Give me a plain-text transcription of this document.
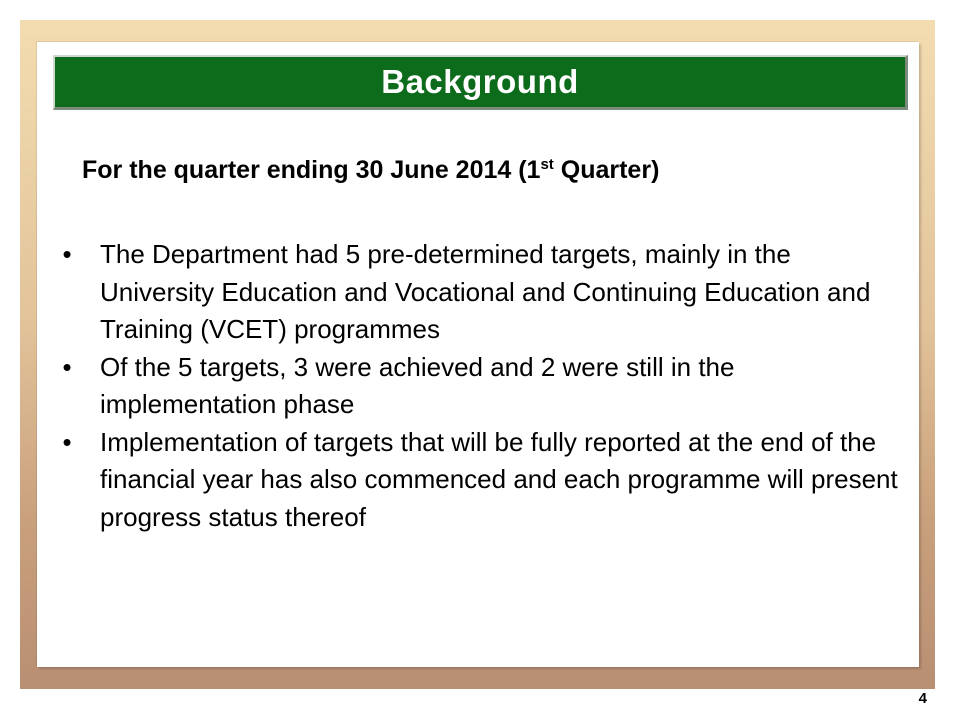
Background
For the quarter ending 30 June 2014 (1st Quarter)
• The Department had 5 pre-determined targets, mainly in the University Education and Vocational and Continuing Education and Training (VCET) programmes
• Of the 5 targets, 3 were achieved and 2 were still in the implementation phase
• Implementation of targets that will be fully reported at the end of the financial year has also commenced and each programme will present progress status thereof
4
